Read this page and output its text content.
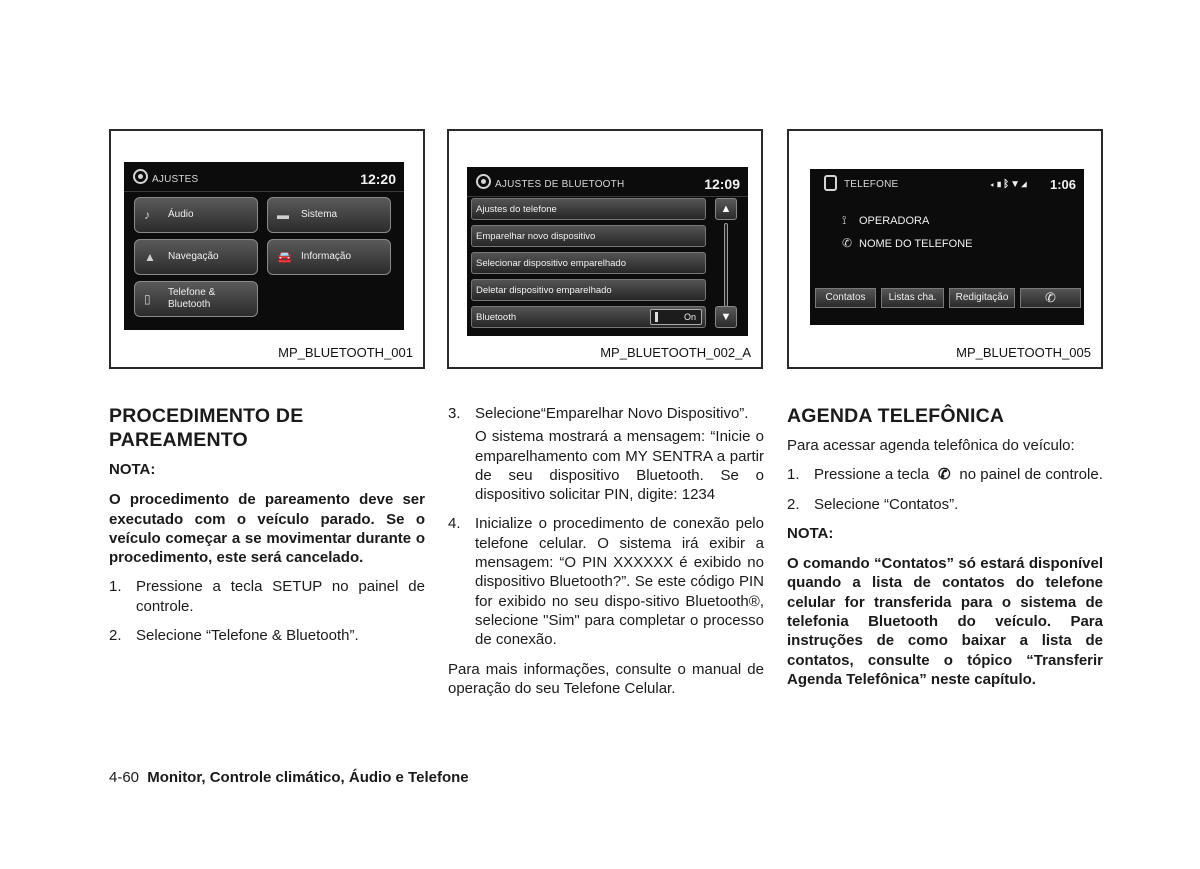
AJUSTES	12:20
♪ Áudio	▬ Sistema
▲ Navegação	🚘 Informação
▯ Telefone &
Bluetooth
MP_BLUETOOTH_001
AJUSTES DE BLUETOOTH	12:09
Ajustes do telefone
Emparelhar novo dispositivo
Selecionar dispositivo emparelhado
Deletar dispositivo emparelhado
Bluetooth	On
▲
▼
MP_BLUETOOTH_002_A
TELEFONE	◂▮ᛒ▼◢ 1:06
⟟ OPERADORA
✆ NOME DO TELEFONE
Contatos	Listas cha.	Redigitação	✆
MP_BLUETOOTH_005
PROCEDIMENTO DE
PAREAMENTO
NOTA:
O procedimento de pareamento deve ser executado com o veículo parado. Se o veículo começar a se movimentar durante o procedimento, este será cancelado.
1. Pressione a tecla SETUP no painel de controle.
2. Selecione “Telefone & Bluetooth”.
3. Selecione“Emparelhar Novo Dispositivo”.
O sistema mostrará a mensagem: “Inicie o emparelhamento com MY SENTRA a partir de seu dispositivo Bluetooth. Se o dispositivo solicitar PIN, digite: 1234
4. Inicialize o procedimento de conexão pelo telefone celular. O sistema irá exibir a mensagem: “O PIN XXXXXX é exibido no dispositivo Bluetooth?”. Se este código PIN for exibido no seu dispo-sitivo Bluetooth®, selecione "Sim" para completar o processo de conexão.
Para mais informações, consulte o manual de operação do seu Telefone Celular.
AGENDA TELEFÔNICA
Para acessar agenda telefônica do veículo:
1. Pressione a tecla ✆ no painel de controle.
2. Selecione “Contatos”.
NOTA:
O comando “Contatos” só estará disponível quando a lista de contatos do telefone celular for transferida para o sistema de telefonia Bluetooth do veículo. Para instruções de como baixar a lista de contatos, consulte o tópico “Transferir Agenda Telefônica” neste capítulo.
4-60 Monitor, Controle climático, Áudio e Telefone
